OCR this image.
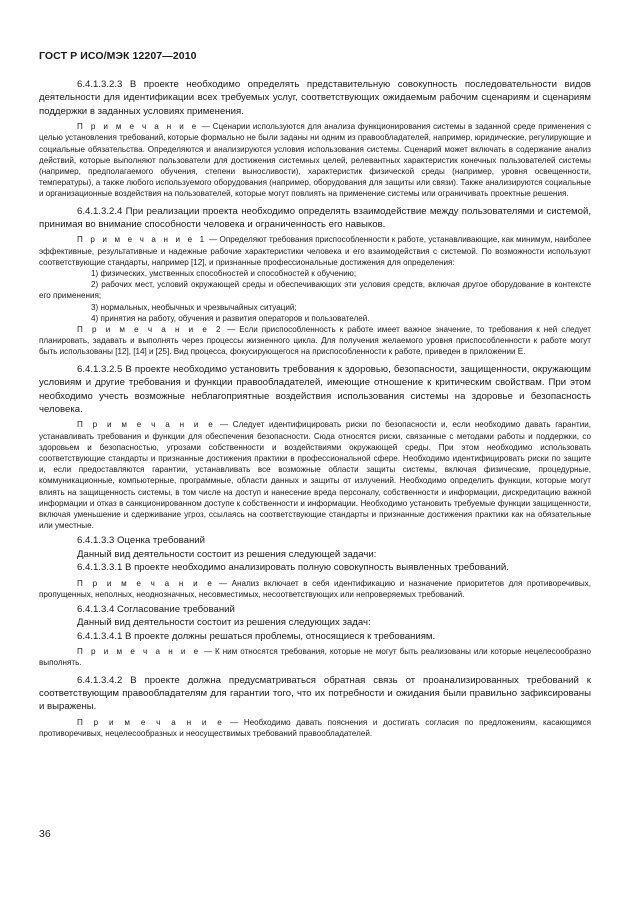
ГОСТ Р ИСО/МЭК 12207—2010

6.4.1.3.2.3 В проекте необходимо определять представительную совокупность последовательности видов деятельности для идентификации всех требуемых услуг, соответствующих ожидаемым рабочим сценариям и сценариям поддержки в заданных условиях применения.

П р и м е ч а н и е — Сценарии используются для анализа функционирования системы в заданной среде применения с целью установления требований, которые формально не были заданы ни одним из правообладателей, например, юридические, регулирующие и социальные обязательства. Определяются и анализируются условия использования системы. Сценарий может включать в содержание анализ действий, которые выполняют пользователи для достижения системных целей, релевантных характеристик конечных пользователей системы (например, предполагаемого обучения, степени выносливости), характеристик физической среды (например, уровня освещенности, температуры), а также любого используемого оборудования (например, оборудования для защиты или связи). Также анализируются социальные и организационные воздействия на пользователей, которые могут повлиять на применение системы или ограничивать проектные решения.

6.4.1.3.2.4 При реализации проекта необходимо определять взаимодействие между пользователями и системой, принимая во внимание способности человека и ограниченность его навыков.

П р и м е ч а н и е 1 — Определяют требования приспособленности к работе, устанавливающие, как минимум, наиболее эффективные, результативные и надежные рабочие характеристики человека и его взаимодействия с системой. По возможности используют соответствующие стандарты, например [12], и признанные профессиональные достижения для определения:

1) физических, умственных способностей и способностей к обучению;

2) рабочих мест, условий окружающей среды и обеспечивающих эти условия средств, включая другое оборудование в контексте его применения;

3) нормальных, необычных и чрезвычайных ситуаций;

4) принятия на работу, обучения и развития операторов и пользователей.

П р и м е ч а н и е 2 — Если приспособленность к работе имеет важное значение, то требования к ней следует планировать, задавать и выполнять через процессы жизненного цикла. Для получения желаемого уровня приспособленности к работе могут быть использованы [12], [14] и [25]. Вид процесса, фокусирующегося на приспособленности к работе, приведен в приложении Е.

6.4.1.3.2.5 В проекте необходимо установить требования к здоровью, безопасности, защищенности, окружающим условиям и другие требования и функции правообладателей, имеющие отношение к критическим свойствам. При этом необходимо учесть возможные неблагоприятные воздействия использования системы на здоровье и безопасность человека.

П р и м е ч а н и е — Следует идентифицировать риски по безопасности и, если необходимо давать гарантии, устанавливать требования и функции для обеспечения безопасности. Сюда относятся риски, связанные с методами работы и поддержки, со здоровьем и безопасностью, угрозами собственности и воздействиями окружающей среды. При этом необходимо использовать соответствующие стандарты и признанные достижения практики в профессиональной сфере. Необходимо идентифицировать риски по защите и, если предоставляются гарантии, устанавливать все возможные области защиты системы, включая физические, процедурные, коммуникационные, компьютерные, программные, области данных и защиты от излучений. Необходимо определить функции, которые могут влиять на защищенность системы, в том числе на доступ и нанесение вреда персоналу, собственности и информации, дискредитацию важной информации и отказ в санкционированном доступе к собственности и информации. Необходимо установить требуемые функции защищенности, включая уменьшение и сдерживание угроз, ссылаясь на соответствующие стандарты и признанные достижения практики как на обязательные или уместные.

6.4.1.3.3 Оценка требований

Данный вид деятельности состоит из решения следующей задачи:

6.4.1.3.3.1 В проекте необходимо анализировать полную совокупность выявленных требований.

П р и м е ч а н и е — Анализ включает в себя идентификацию и назначение приоритетов для противоречивых, пропущенных, неполных, неоднозначных, несовместимых, несоответствующих или непроверяемых требований.

6.4.1.3.4 Согласование требований

Данный вид деятельности состоит из решения следующих задач:

6.4.1.3.4.1 В проекте должны решаться проблемы, относящиеся к требованиям.

П р и м е ч а н и е — К ним относятся требования, которые не могут быть реализованы или которые нецелесообразно выполнять.

6.4.1.3.4.2 В проекте должна предусматриваться обратная связь от проанализированных требований к соответствующим правообладателям для гарантии того, что их потребности и ожидания были правильно зафиксированы и выражены.

П р и м е ч а н и е — Необходимо давать пояснения и достигать согласия по предложениям, касающимся противоречивых, нецелесообразных и неосуществимых требований правообладателей.

36
